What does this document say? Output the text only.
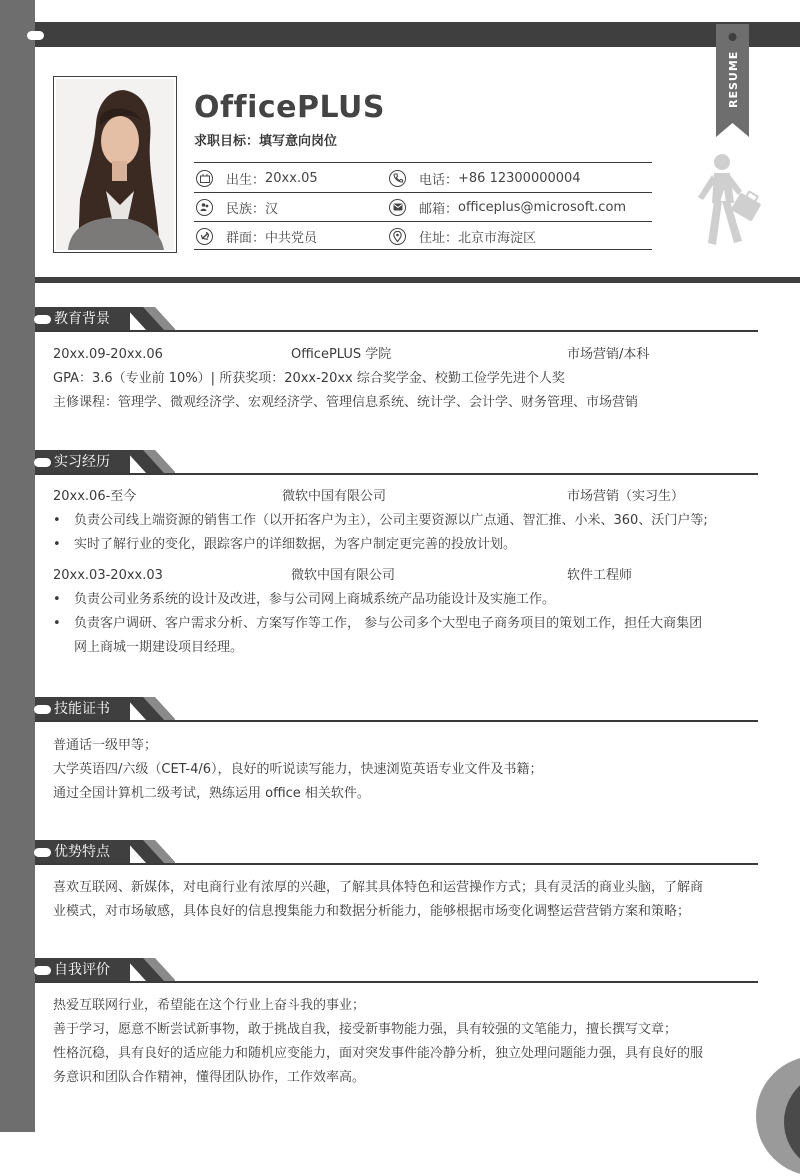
RESUME
OfficePLUS
求职目标：填写意向岗位
出生： 20xx.05	电话： +86 12300000004
民族： 汉	邮箱： officeplus@microsoft.com
群面： 中共党员	住址： 北京市海淀区
教育背景
20xx.09-20xx.06	OfficePLUS 学院	市场营销/本科
GPA：3.6（专业前 10%）| 所获奖项：20xx-20xx 综合奖学金、校勤工俭学先进个人奖
主修课程：管理学、微观经济学、宏观经济学、管理信息系统、统计学、会计学、财务管理、市场营销
实习经历
20xx.06-至今	微软中国有限公司	市场营销（实习生）
• 负责公司线上端资源的销售工作（以开拓客户为主），公司主要资源以广点通、智汇推、小米、360、沃门户等;
• 实时了解行业的变化，跟踪客户的详细数据，为客户制定更完善的投放计划。
20xx.03-20xx.03	微软中国有限公司	软件工程师
• 负责公司业务系统的设计及改进，参与公司网上商城系统产品功能设计及实施工作。
• 负责客户调研、客户需求分析、方案写作等工作， 参与公司多个大型电子商务项目的策划工作，担任大商集团
网上商城一期建设项目经理。
技能证书
普通话一级甲等；
大学英语四/六级（CET-4/6），良好的听说读写能力，快速浏览英语专业文件及书籍；
通过全国计算机二级考试，熟练运用 office 相关软件。
优势特点
喜欢互联网、新媒体，对电商行业有浓厚的兴趣，了解其具体特色和运营操作方式；具有灵活的商业头脑，了解商
业模式，对市场敏感，具体良好的信息搜集能力和数据分析能力，能够根据市场变化调整运营营销方案和策略；
自我评价
热爱互联网行业，希望能在这个行业上奋斗我的事业；
善于学习，愿意不断尝试新事物，敢于挑战自我，接受新事物能力强，具有较强的文笔能力，擅长撰写文章；
性格沉稳，具有良好的适应能力和随机应变能力，面对突发事件能冷静分析，独立处理问题能力强，具有良好的服
务意识和团队合作精神，懂得团队协作，工作效率高。
